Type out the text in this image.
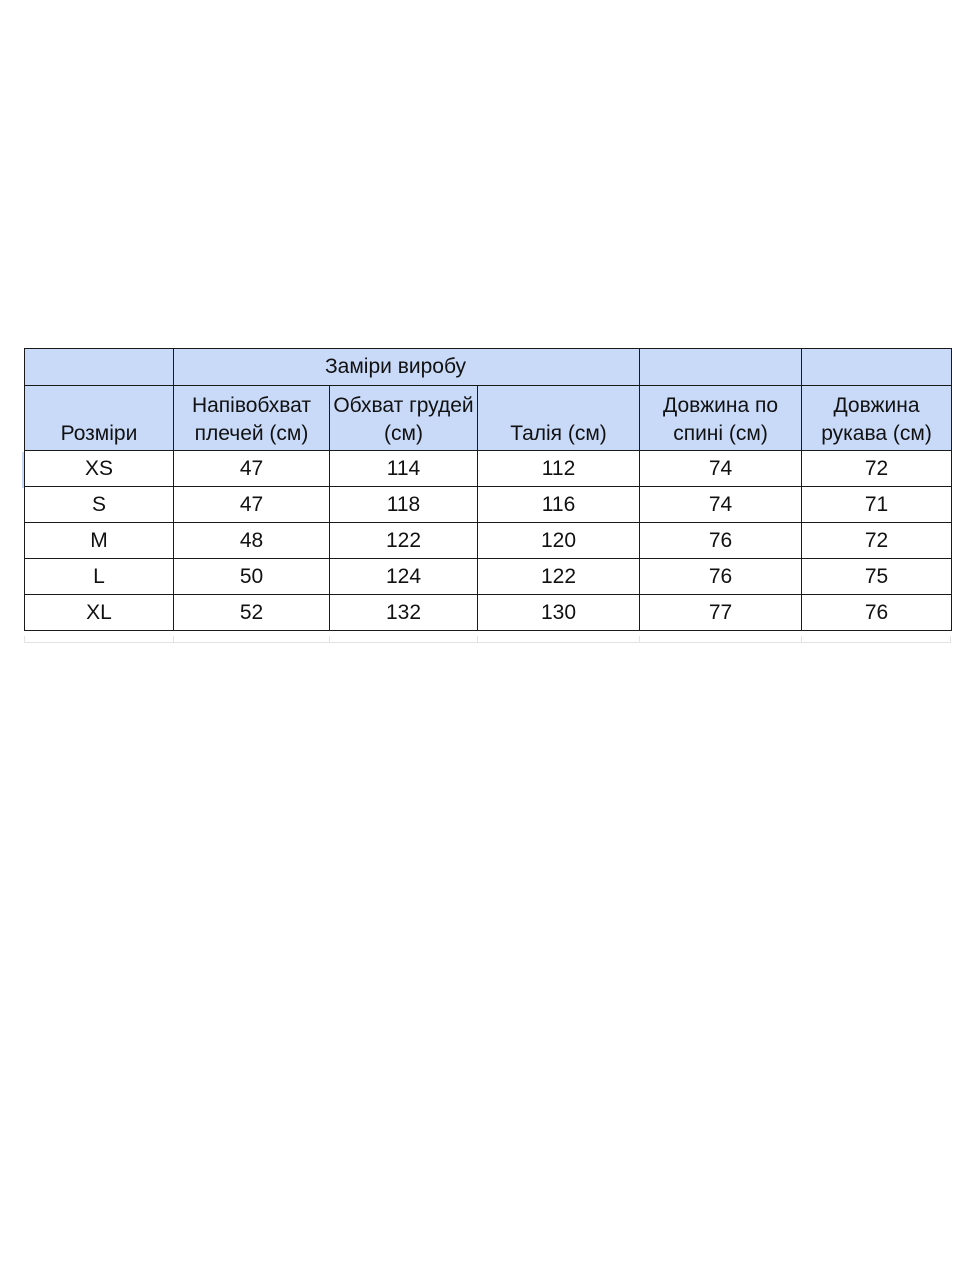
	Заміри виробу				
Розміри	Напівобхват плечей (см)	Обхват грудей (см)	Талія (см)	Довжина по спині (см)	Довжина рукава (см)
XS	47	114	112	74	72
S	47	118	116	74	71
M	48	122	120	76	72
L	50	124	122	76	75
XL	52	132	130	77	76
